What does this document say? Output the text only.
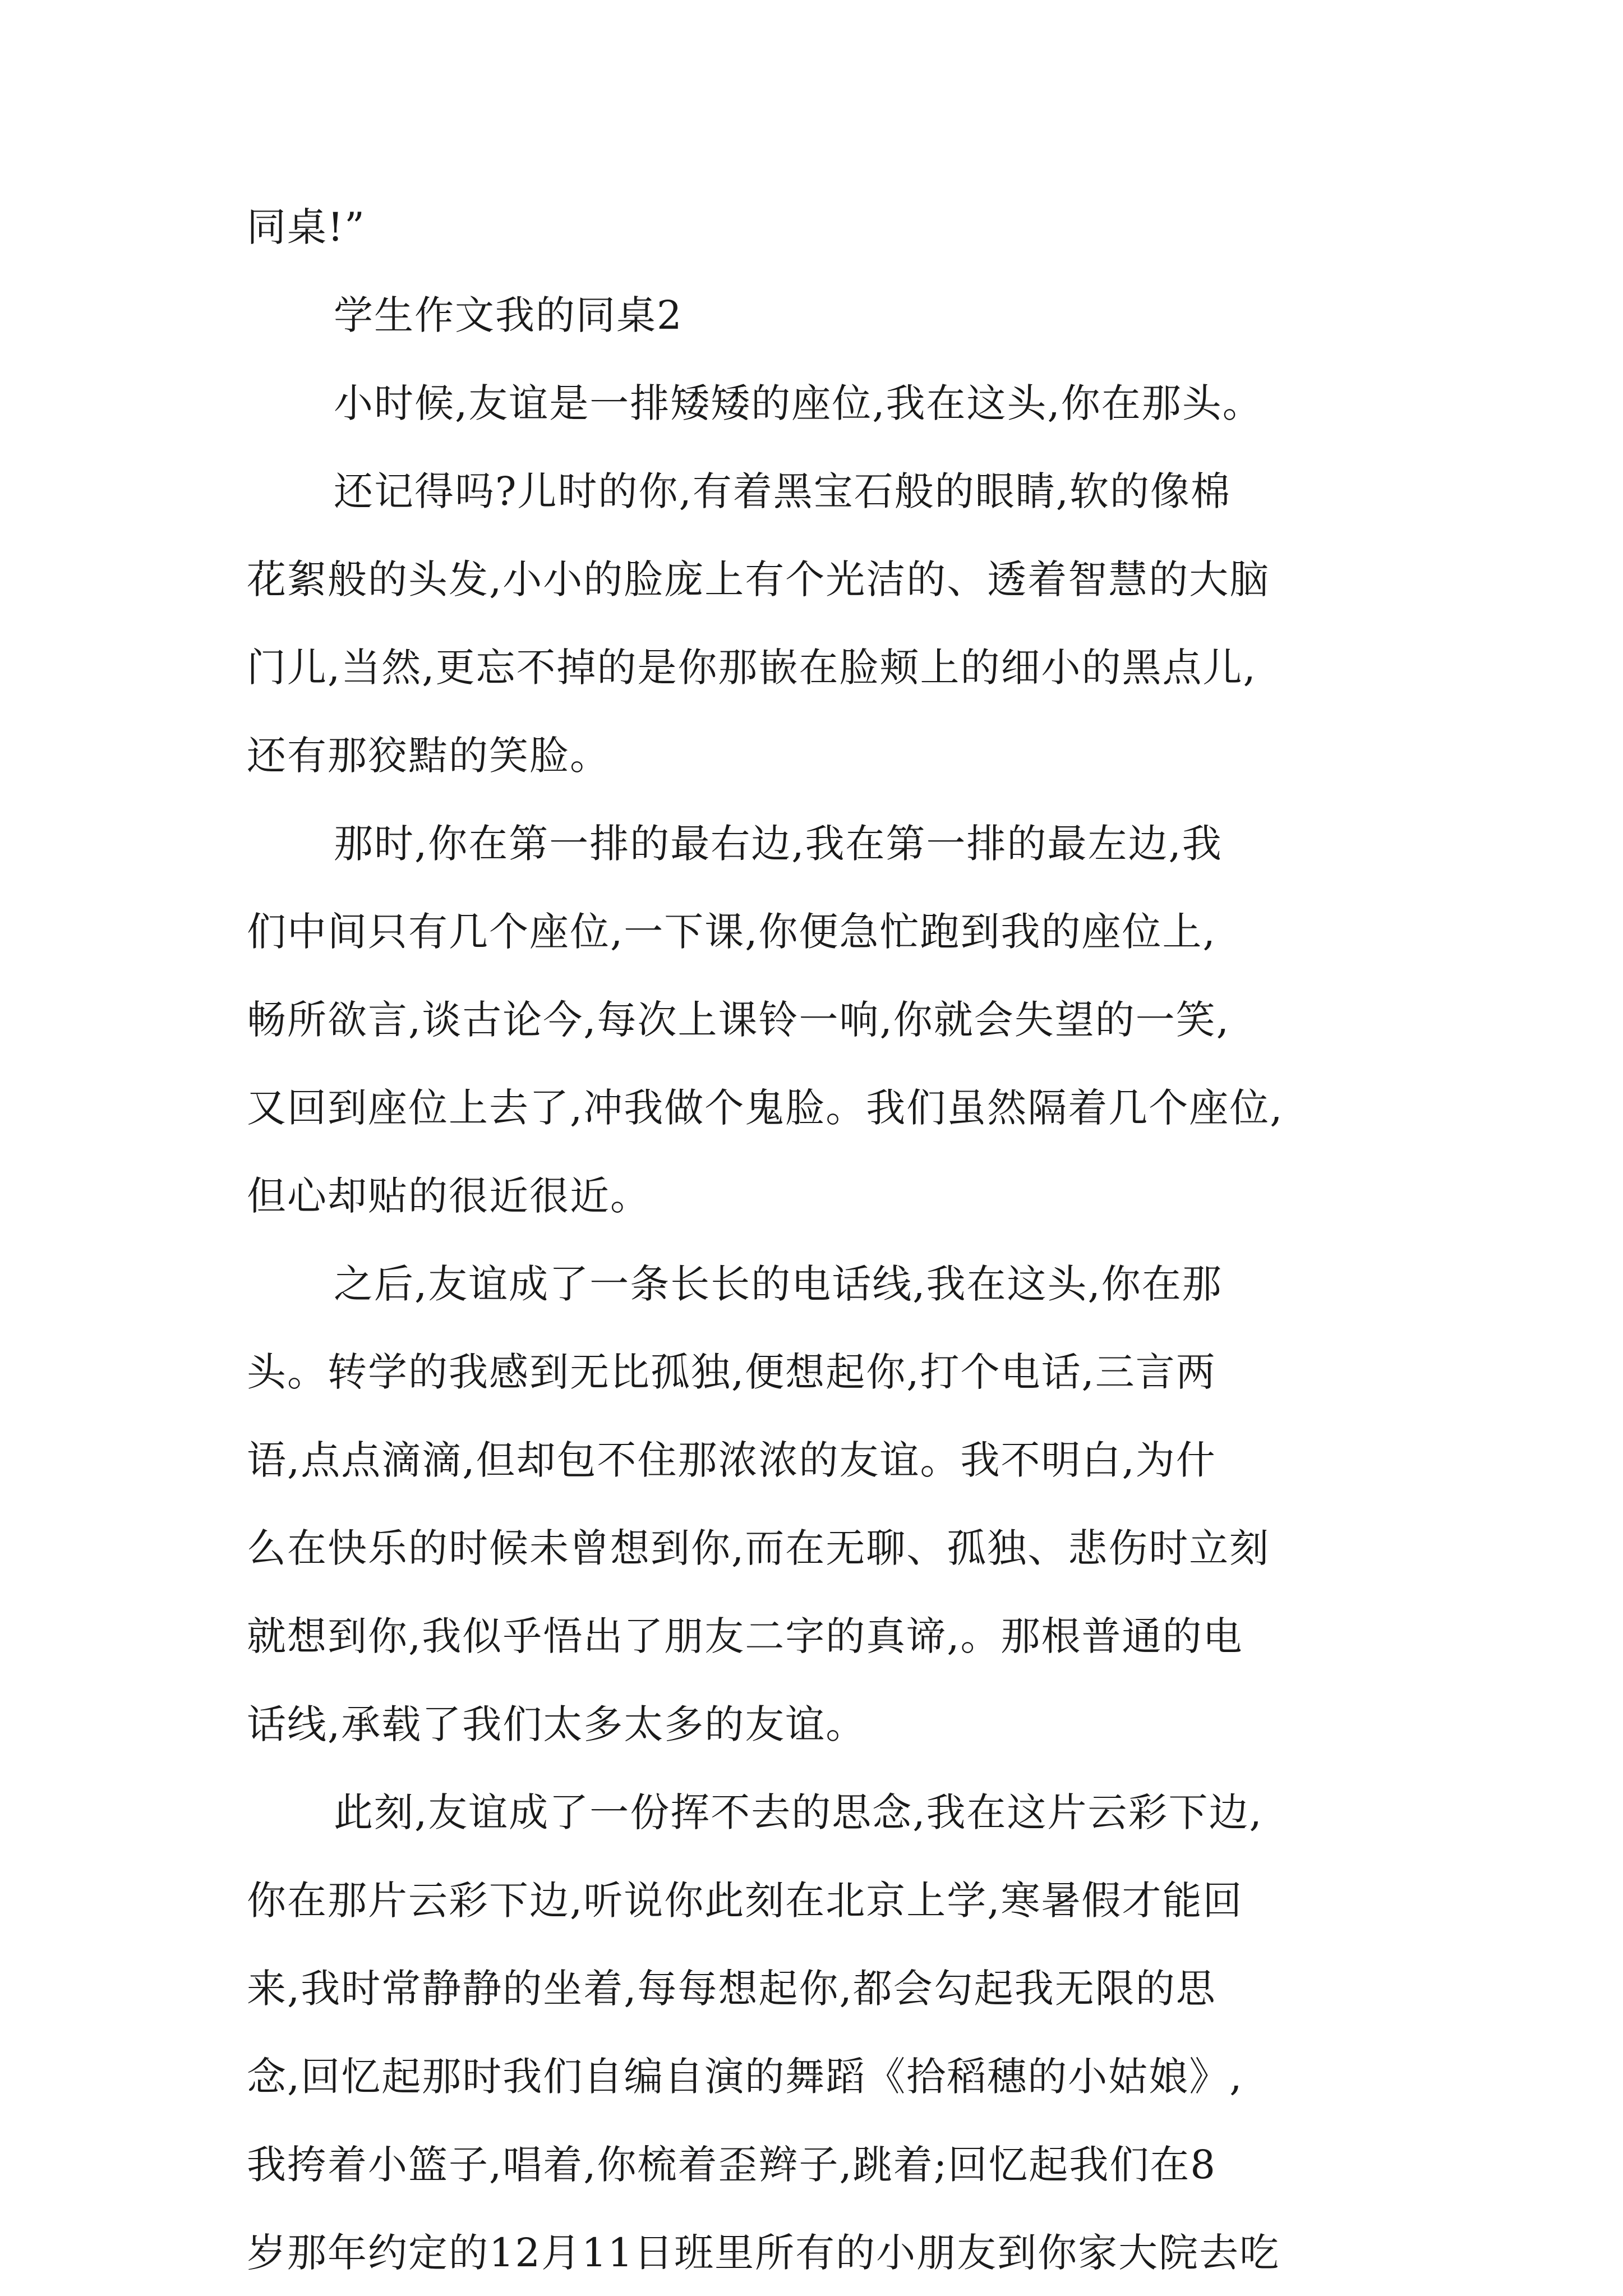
同桌!”
学生作文我的同桌2
小时候,友谊是一排矮矮的座位,我在这头,你在那头。
还记得吗?儿时的你,有着黑宝石般的眼睛,软的像棉
花絮般的头发,小小的脸庞上有个光洁的、透着智慧的大脑
门儿,当然,更忘不掉的是你那嵌在脸颊上的细小的黑点儿,
还有那狡黠的笑脸。
那时,你在第一排的最右边,我在第一排的最左边,我
们中间只有几个座位,一下课,你便急忙跑到我的座位上,
畅所欲言,谈古论今,每次上课铃一响,你就会失望的一笑,
又回到座位上去了,冲我做个鬼脸。我们虽然隔着几个座位,
但心却贴的很近很近。
之后,友谊成了一条长长的电话线,我在这头,你在那
头。转学的我感到无比孤独,便想起你,打个电话,三言两
语,点点滴滴,但却包不住那浓浓的友谊。我不明白,为什
么在快乐的时候未曾想到你,而在无聊、孤独、悲伤时立刻
就想到你,我似乎悟出了朋友二字的真谛,。那根普通的电
话线,承载了我们太多太多的友谊。
此刻,友谊成了一份挥不去的思念,我在这片云彩下边,
你在那片云彩下边,听说你此刻在北京上学,寒暑假才能回
来,我时常静静的坐着,每每想起你,都会勾起我无限的思
念,回忆起那时我们自编自演的舞蹈《拾稻穗的小姑娘》,
我挎着小篮子,唱着,你梳着歪辫子,跳着;回忆起我们在8
岁那年约定的12月11日班里所有的小朋友到你家大院去吃
